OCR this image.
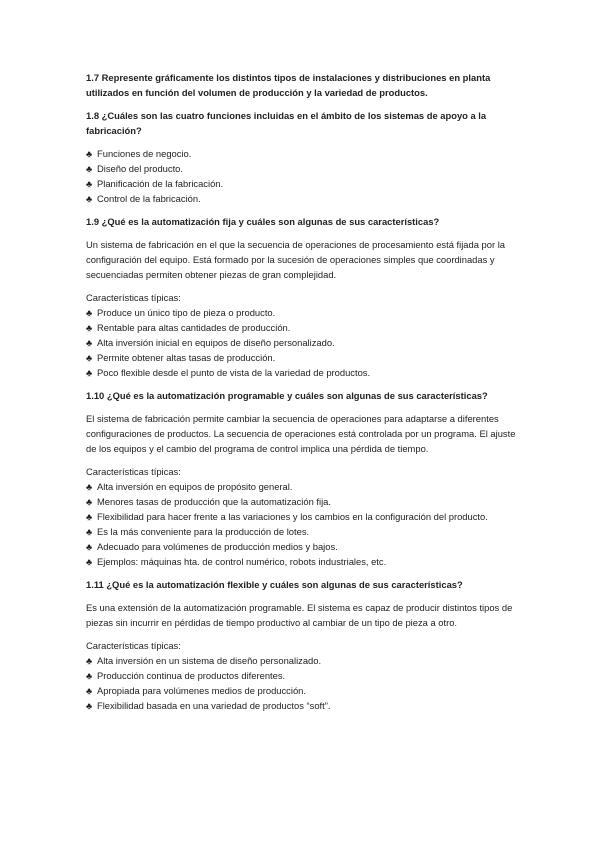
1.7 Represente gráficamente los distintos tipos de instalaciones y distribuciones en planta utilizados en función del volumen de producción y la variedad de productos.
1.8 ¿Cuáles son las cuatro funciones incluidas en el ámbito de los sistemas de apoyo a la fabricación?
♣ Funciones de negocio.
♣ Diseño del producto.
♣ Planificación de la fabricación.
♣ Control de la fabricación.
1.9 ¿Qué es la automatización fija y cuáles son algunas de sus características?
Un sistema de fabricación en el que la secuencia de operaciones de procesamiento está fijada por la configuración del equipo. Está formado por la sucesión de operaciones simples que coordinadas y secuenciadas permiten obtener piezas de gran complejidad.
Características típicas:
♣ Produce un único tipo de pieza o producto.
♣ Rentable para altas cantidades de producción.
♣ Alta inversión inicial en equipos de diseño personalizado.
♣ Permite obtener altas tasas de producción.
♣ Poco flexible desde el punto de vista de la variedad de productos.
1.10 ¿Qué es la automatización programable y cuáles son algunas de sus características?
El sistema de fabricación permite cambiar la secuencia de operaciones para adaptarse a diferentes configuraciones de productos. La secuencia de operaciones está controlada por un programa. El ajuste de los equipos y el cambio del programa de control implica una pérdida de tiempo.
Características típicas:
♣ Alta inversión en equipos de propósito general.
♣ Menores tasas de producción que la automatización fija.
♣ Flexibilidad para hacer frente a las variaciones y los cambios en la configuración del producto.
♣ Es la más conveniente para la producción de lotes.
♣ Adecuado para volúmenes de producción medios y bajos.
♣ Ejemplos: máquinas hta. de control numérico, robots industriales, etc.
1.11 ¿Qué es la automatización flexible y cuáles son algunas de sus características?
Es una extensión de la automatización programable. El sistema es capaz de producir distintos tipos de piezas sin incurrir en pérdidas de tiempo productivo al cambiar de un tipo de pieza a otro.
Características típicas:
♣ Alta inversión en un sistema de diseño personalizado.
♣ Producción continua de productos diferentes.
♣ Apropiada para volúmenes medios de producción.
♣ Flexibilidad basada en una variedad de productos “soft”.
